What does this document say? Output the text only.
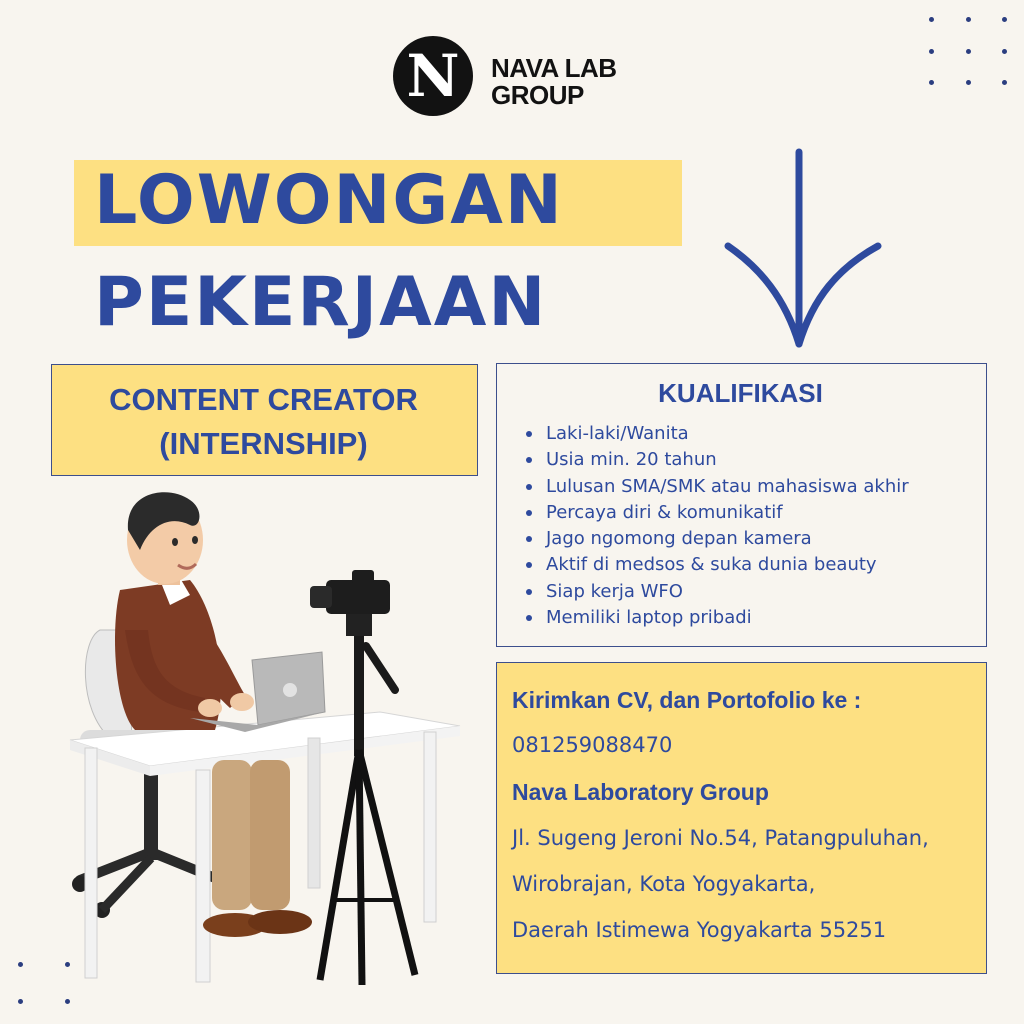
N	NAVA LAB
GROUP
LOWONGAN
PEKERJAAN
CONTENT CREATOR
(INTERNSHIP)
KUALIFIKASI
Laki-laki/Wanita
Usia min. 20 tahun
Lulusan SMA/SMK atau mahasiswa akhir
Percaya diri & komunikatif
Jago ngomong depan kamera
Aktif di medsos & suka dunia beauty
Siap kerja WFO
Memiliki laptop pribadi
Kirimkan CV, dan Portofolio ke :
081259088470
Nava Laboratory Group
Jl. Sugeng Jeroni No.54, Patangpuluhan,
Wirobrajan, Kota Yogyakarta,
Daerah Istimewa Yogyakarta 55251
